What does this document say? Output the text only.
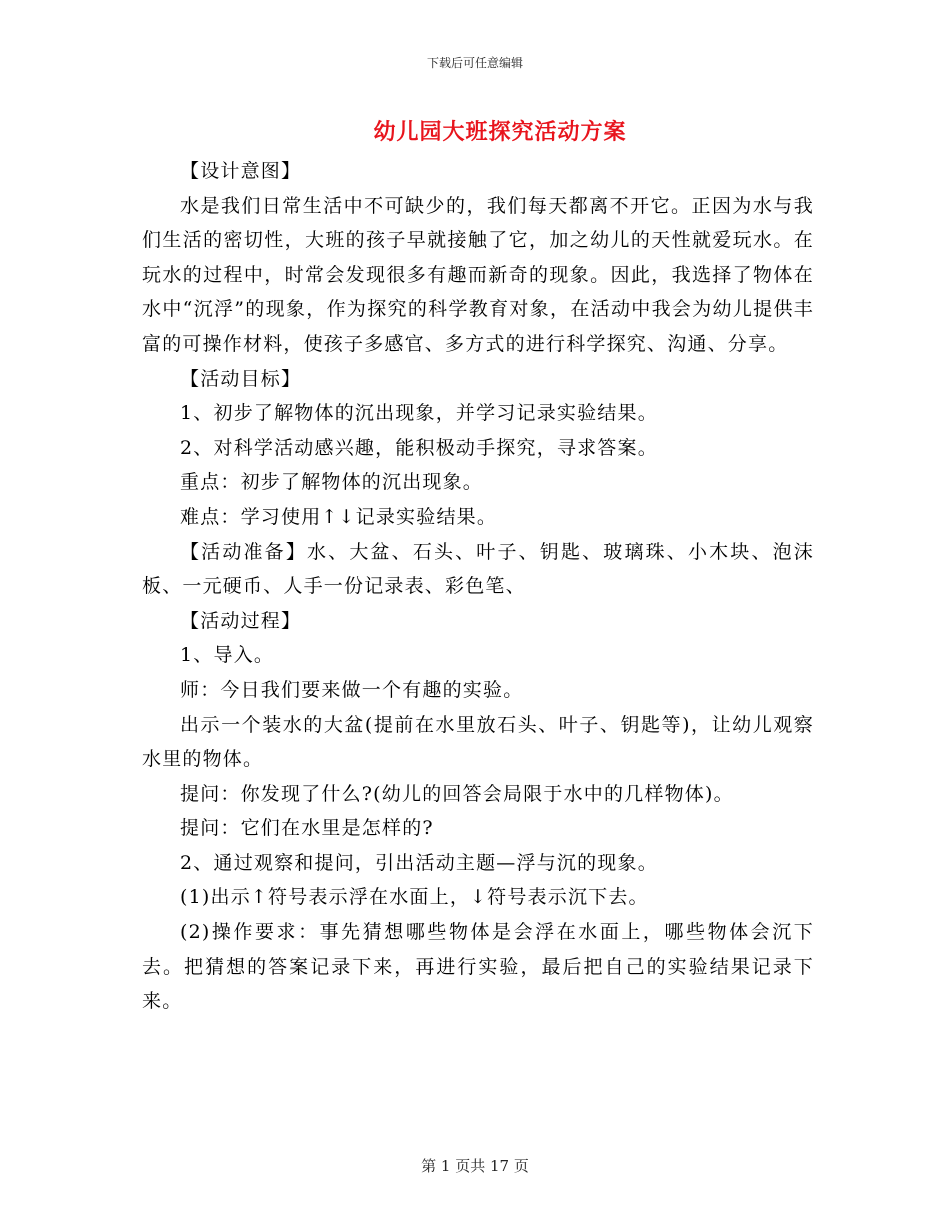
下载后可任意编辑
幼儿园大班探究活动方案

【设计意图】

水是我们日常生活中不可缺少的，我们每天都离不开它。正因为水与我们生活的密切性，大班的孩子早就接触了它，加之幼儿的天性就爱玩水。在玩水的过程中，时常会发现很多有趣而新奇的现象。因此，我选择了物体在水中“沉浮”的现象，作为探究的科学教育对象，在活动中我会为幼儿提供丰富的可操作材料，使孩子多感官、多方式的进行科学探究、沟通、分享。

【活动目标】

1、初步了解物体的沉出现象，并学习记录实验结果。

2、对科学活动感兴趣，能积极动手探究，寻求答案。

重点：初步了解物体的沉出现象。

难点：学习使用↑↓记录实验结果。

【活动准备】水、大盆、石头、叶子、钥匙、玻璃珠、小木块、泡沫板、一元硬币、人手一份记录表、彩色笔、

【活动过程】

1、导入。

师：今日我们要来做一个有趣的实验。

出示一个装水的大盆(提前在水里放石头、叶子、钥匙等)，让幼儿观察水里的物体。

提问：你发现了什么?(幼儿的回答会局限于水中的几样物体)。

提问：它们在水里是怎样的?

2、通过观察和提问，引出活动主题—浮与沉的现象。

(1)出示↑符号表示浮在水面上，↓符号表示沉下去。

(2)操作要求：事先猜想哪些物体是会浮在水面上，哪些物体会沉下去。把猜想的答案记录下来，再进行实验，最后把自己的实验结果记录下来。

第 1 页共 17 页
